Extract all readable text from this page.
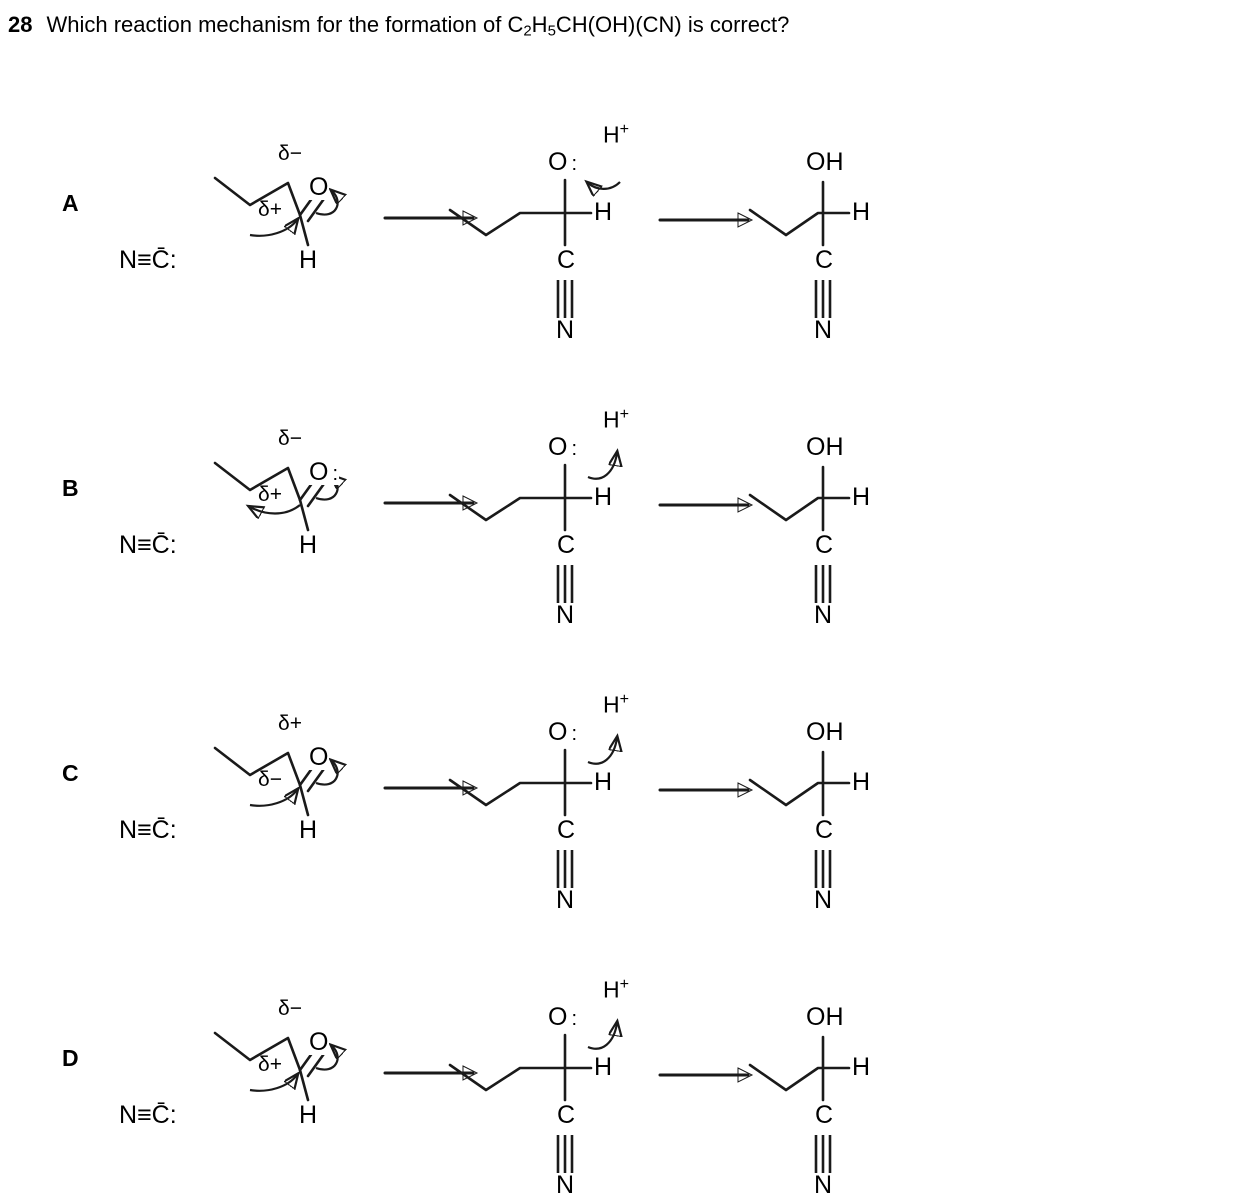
28 Which reaction mechanism for the formation of $C_2H_5CH(OH)(CN)$ is correct?
A
N≡C̄:
O
H
δ−
δ+
O :
H
C
N
H+
OH
H
C
N
B
N≡C̄:
O :
H
δ−
δ+
O :
H
C
N
H+
OH
H
C
N
C
N≡C̄:
O
H
δ+
δ−
O :
H
C
N
H+
OH
H
C
N
D
N≡C̄:
O
H
δ−
δ+
O :
H
C
N
H+
OH
H
C
N
